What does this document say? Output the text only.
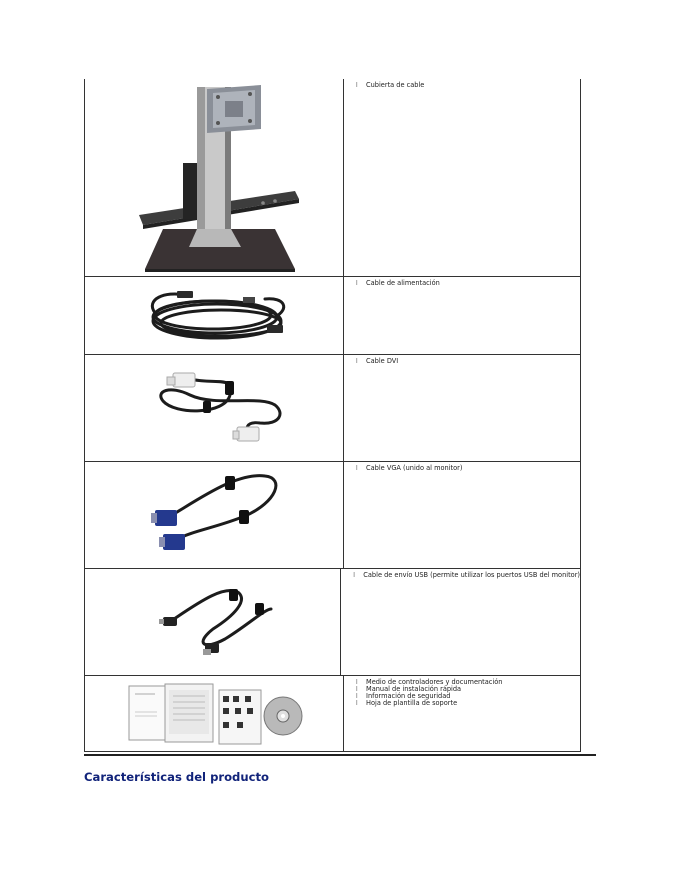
l Cubierta de cable
l Cable de alimentación
l Cable DVI
l Cable VGA (unido al monitor)
l Cable de envío USB (permite utilizar los puertos USB del monitor)
l Medio de controladores y documentación
l Manual de instalación rápida
l Información de seguridad
l Hoja de plantilla de soporte
Características del producto
